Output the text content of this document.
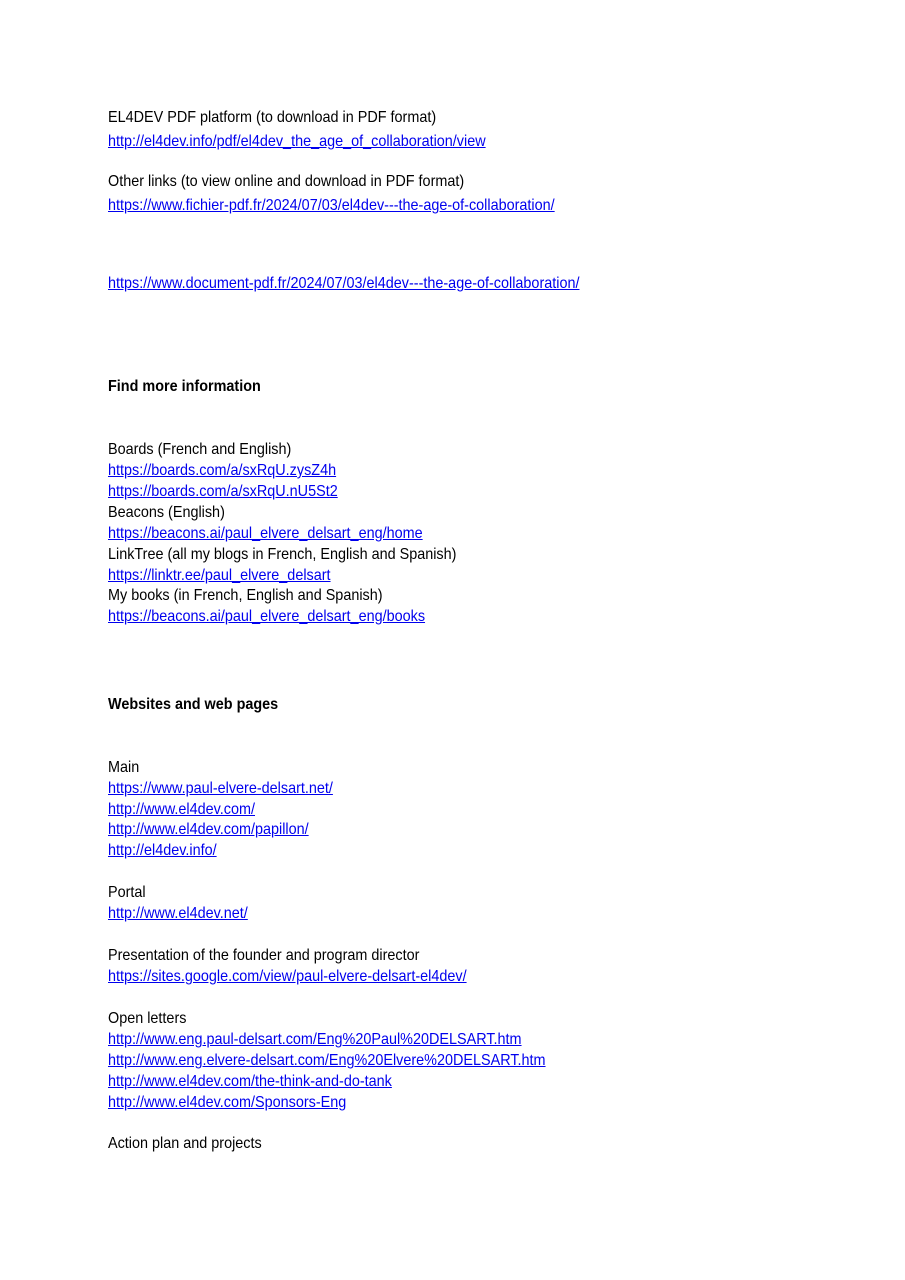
EL4DEV PDF platform (to download in PDF format)

http://el4dev.info/pdf/el4dev_the_age_of_collaboration/view

Other links (to view online and download in PDF format)

https://www.fichier-pdf.fr/2024/07/03/el4dev---the-age-of-collaboration/
https://www.document-pdf.fr/2024/07/03/el4dev---the-age-of-collaboration/

Find more information

Boards (French and English)

https://boards.com/a/sxRqU.zysZ4h
https://boards.com/a/sxRqU.nU5St2

Beacons (English)

https://beacons.ai/paul_elvere_delsart_eng/home

LinkTree (all my blogs in French, English and Spanish)

https://linktr.ee/paul_elvere_delsart

My books (in French, English and Spanish)

https://beacons.ai/paul_elvere_delsart_eng/books

Websites and web pages

Main

https://www.paul-elvere-delsart.net/
http://www.el4dev.com/
http://www.el4dev.com/papillon/
http://el4dev.info/

Portal

http://www.el4dev.net/

Presentation of the founder and program director

https://sites.google.com/view/paul-elvere-delsart-el4dev/

Open letters

http://www.eng.paul-delsart.com/Eng%20Paul%20DELSART.htm
http://www.eng.elvere-delsart.com/Eng%20Elvere%20DELSART.htm
http://www.el4dev.com/the-think-and-do-tank
http://www.el4dev.com/Sponsors-Eng

Action plan and projects
